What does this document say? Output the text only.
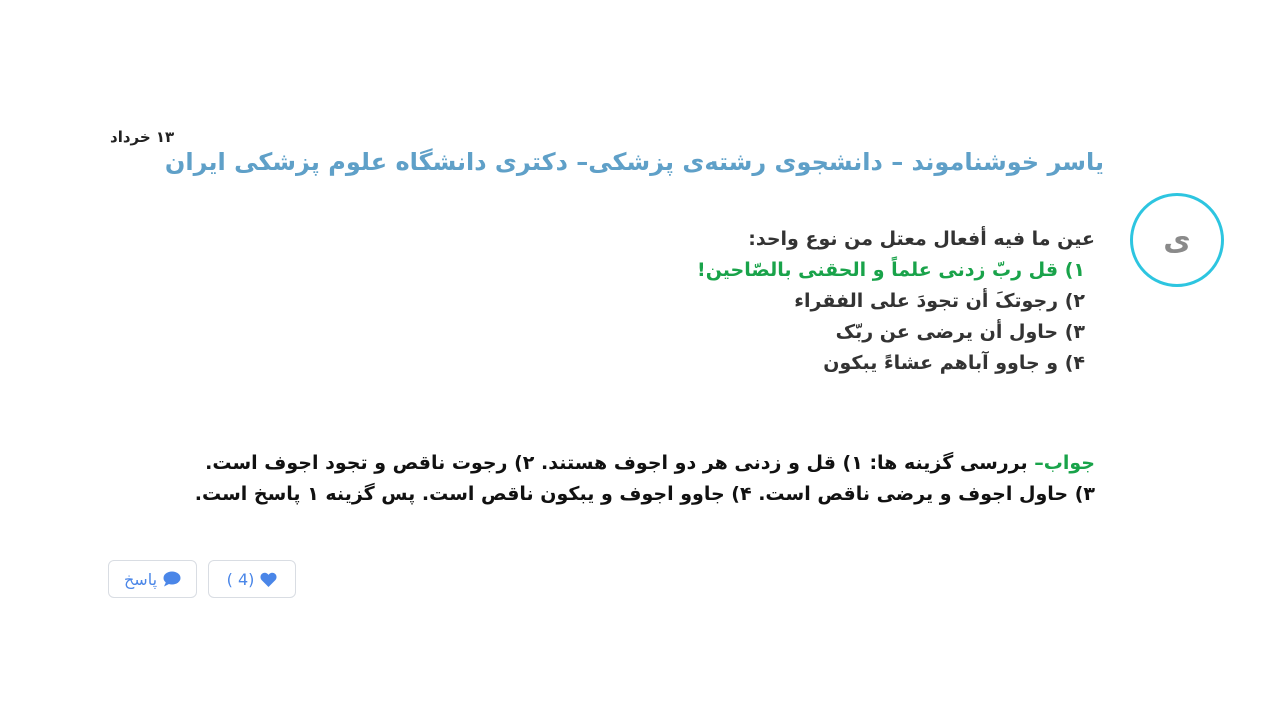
۱۳ خرداد
یاسر خوشناموند – دانشجوی رشته‌ی پزشکی– دکتری دانشگاه علوم پزشکی ایران
ی
عین ما فیه أفعال معتل من نوع واحد:
۱) قل ربّ زدنی علماً و الحقنی بالصّاحین!
۲) رجوتکَ أن تجودَ علی الفقراء
۳) حاول أن یرضی عن ربّک
۴) و جاوو آباهم عشاءً یبکون
جواب– بررسی گزینه ها: ۱) قل و زدنی هر دو اجوف هستند. ۲) رجوت ناقص و تجود اجوف است.
۳) حاول اجوف و یرضی ناقص است. ۴) جاوو اجوف و یبکون ناقص است. پس گزینه ۱ پاسخ است.
پاسخ	( 4)
